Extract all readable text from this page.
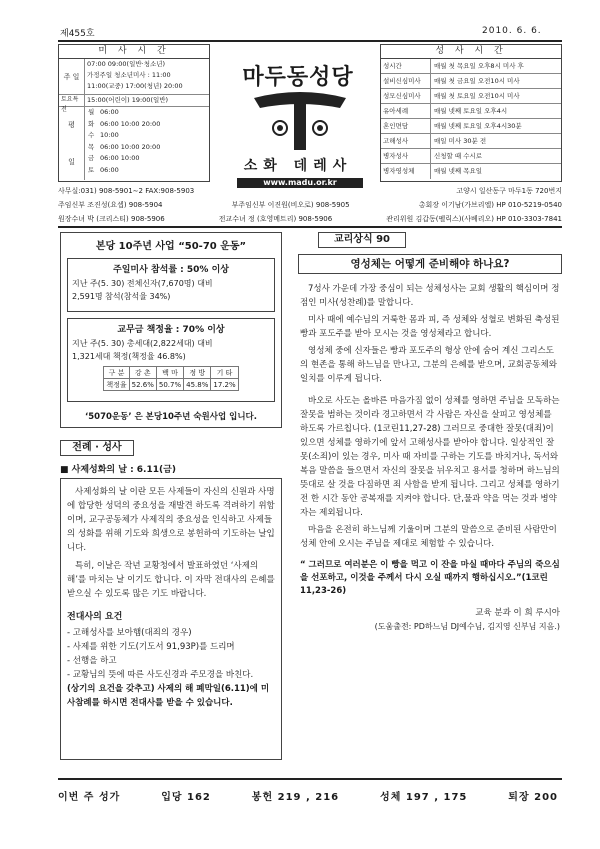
제455호	2010. 6. 6.
미 사 시 간
주 일
07:00 09:00(일반·청소년)
가정주일 청소년미사 : 11:00
11:00(교중) 17:00(청년) 20:00
토요특전
15:00(어린이) 19:00(일반)
평
일
월 06:00
화 06:00 10:00 20:00
수 10:00
목 06:00 10:00 20:00
금 06:00 10:00
토 06:00
마두동성당
소화 데레사
www.madu.or.kr
성 사 시 간
성시간	매월 첫 목요일 오후8시 미사 후
설비신심미사	매월 첫 금요일 오전10시 미사
성모신심미사	매월 첫 토요일 오전10시 미사
유아세례	매월 넷째 토요일 오후4시
혼인면담	매월 넷째 토요일 오후4시30분
고해성사	매일 미사 30분 전
병자성사	신청할 때 수시로
병자영성체	매월 넷째 목요일
사무실:031) 908-5901∼2 FAX:908-5903	고양시 일산동구 마두1동 720번지
주임신부 조진성(요셉) 908-5904	부주임신부 이진원(비오로) 908-5905	총회장 이기남(가브리엘) HP 010-5219-0540
원장수녀 박 (크리스티) 908-5906	전교수녀 정 (호영메트리) 908-5906	관리위원 김갑동(펠릭스)(사베리오) HP 010-3303-7841
본당 10주년 사업 “50-70 운동”
주일미사 참석률 : 50% 이상
지난 주(5. 30) 전체신자(7,670명) 대비
2,591명 참석(참석율 34%)
교무금 책정율 : 70% 이상
지난 주(5. 30) 총세대(2,822세대) 대비
1,321세대 책정(책정율 46.8%)
구 분	강 촌	백 마	정 방	기 타
책정율	52.6%	50.7%	45.8%	17.2%
‘5070운동’ 은 본당10주년 숙원사업 입니다.
전례 · 성사
■ 사제성화의 날 : 6.11(금)

사제성화의 날 이란 모든 사제들이 자신의 신원과 사명에 합당한 성덕의 중요성을 재발견 하도록 격려하기 위함이며, 교구공동체가 사제직의 중요성을 인식하고 사제들의 성화를 위해 기도와 희생으로 봉헌하여 기도하는 날입니다.

특히, 이날은 작년 교황청에서 발표하였던 ‘사제의 해’를 마치는 날 이기도 합니다. 이 자막 전대사의 은혜를 받으실 수 있도록 많은 기도 바랍니다.

전대사의 요건
- 고해성사를 보아햄(대죄의 경우)
- 사제를 위한 기도(기도서 91,93P)를 드리며
- 선행을 하고
- 교황님의 뜻에 따른 사도신경과 주모경을 바친다.
(상기의 요건을 갖추고) 사제의 해 폐막일(6.11)에 미사참례를 하시면 전대사를 받을 수 있습니다.
교리상식 90
영성체는 어떻게 준비해야 하나요?

7성사 가운데 가장 중심이 되는 성체성사는 교회 생활의 핵심이며 정점인 미사(성찬례)를 말합니다.

미사 때에 예수님의 거룩한 몸과 피, 즉 성체와 성혈로 변화된 축성된 빵과 포도주를 받아 모시는 것을 영성체라고 합니다.

영성체 중에 신자들은 빵과 포도주의 형상 안에 숨어 계신 그리스도의 현존을 통해 하느님을 만나고, 그분의 은혜를 받으며, 교회공동체와 일치를 이루게 됩니다.

바오로 사도는 올바른 마음가짐 없이 성체를 영하면 주님을 모독하는 잘못을 범하는 것이라 경고하면서 각 사람은 자신을 살피고 영성체를 하도록 가르칩니다. (1코린11,27-28) 그러므로 중대한 잘못(대죄)이 있으면 성체를 영하기에 앞서 고해성사를 받아야 합니다. 일상적인 잘못(소죄)이 있는 경우, 미사 때 자비를 구하는 기도를 바치거나, 독서와 복음 말씀을 들으면서 자신의 잘못을 뉘우치고 용서를 청하며 하느님의 뜻대로 살 것을 다짐하면 죄 사함을 받게 됩니다. 그리고 성체를 영하기 전 한 시간 동안 공복재를 지켜야 합니다. 단,물과 약을 먹는 것과 병약자는 제외됩니다.

마음을 온전히 하느님께 기울이며 그분의 말씀으로 준비된 사람만이 성체 안에 오시는 주님을 제대로 체험할 수 있습니다.

“ 그러므로 여러분은 이 빵을 먹고 이 잔을 마실 때마다 주님의 죽으심을 선포하고, 이것을 주께서 다시 오실 때까지 행하십시오.”(1코린11,23-26)

교육 분과 이 희 루시아
(도움출전: PD하느님 DJ예수님, 김지영 신부님 지음.)
이번 주 성가	입당 162	봉헌 219 , 216	성체 197 , 175	퇴장 200
